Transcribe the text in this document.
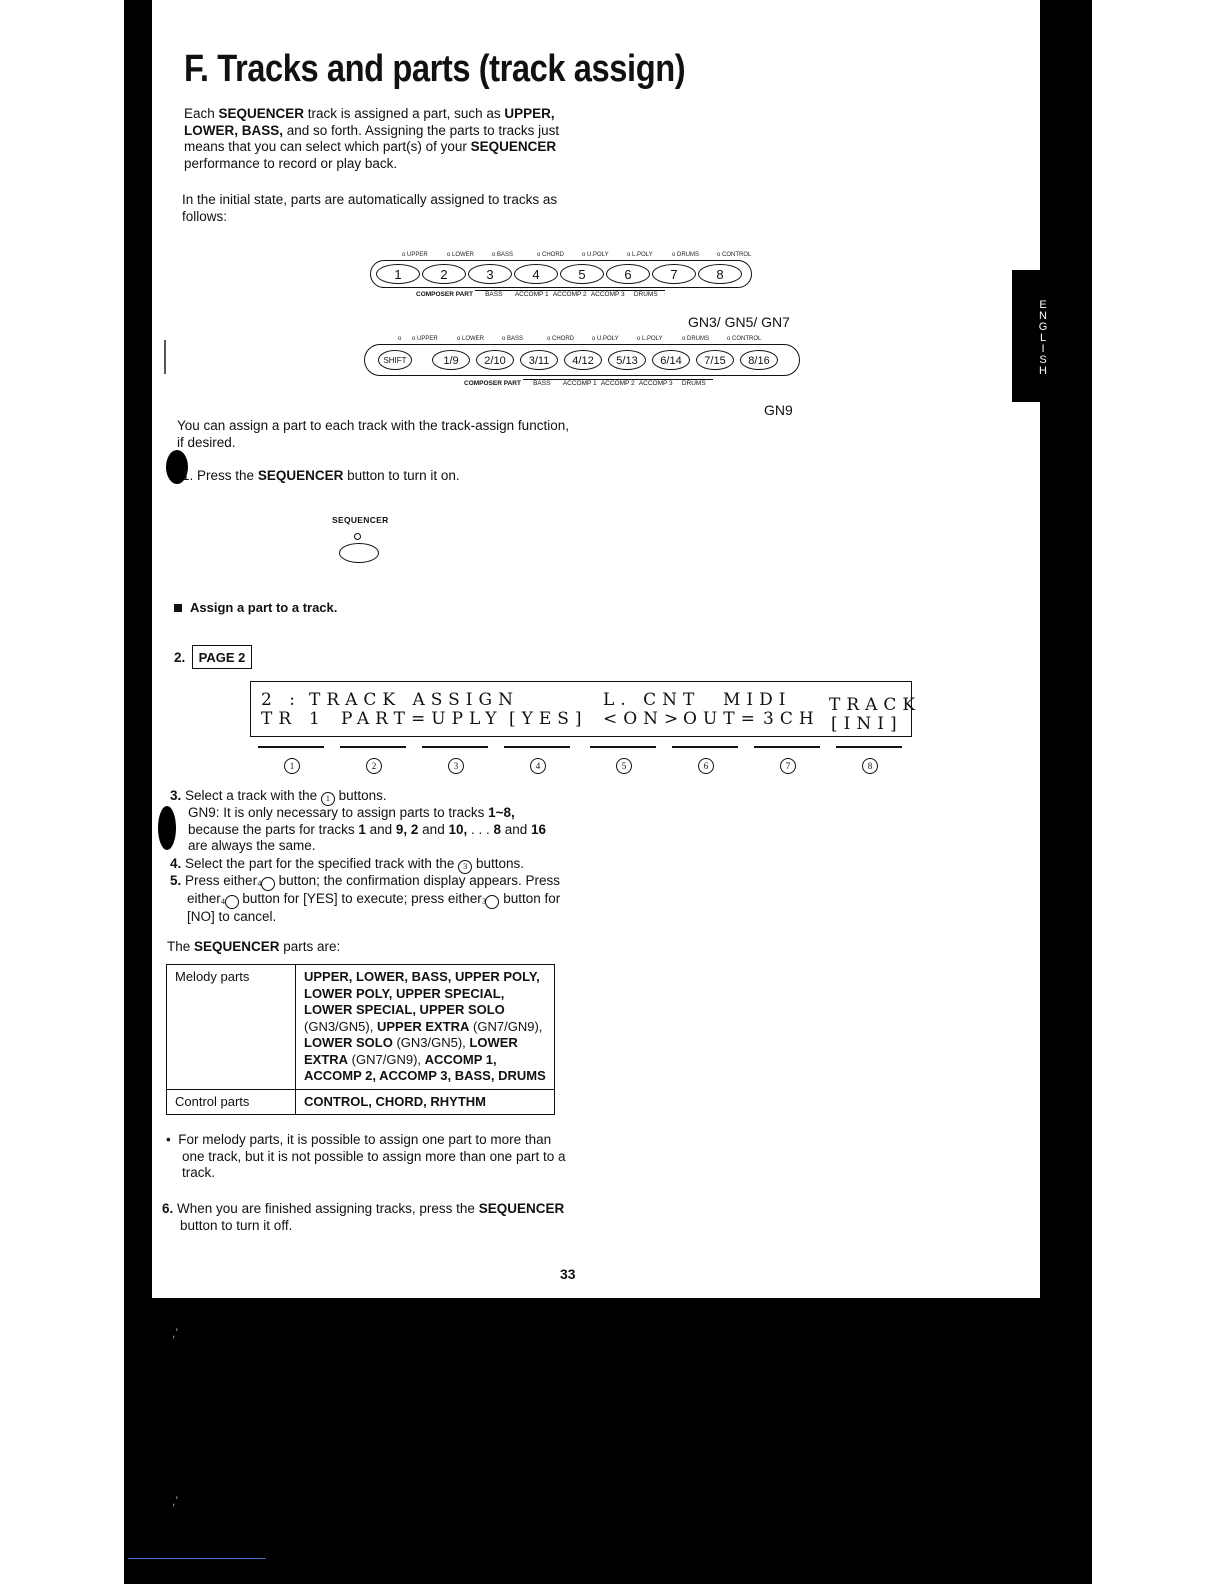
E
N
G
L
I
S
H
F. Tracks and parts (track assign)
Each SEQUENCER track is assigned a part, such as UPPER, LOWER, BASS, and so forth. Assigning the parts to tracks just means that you can select which part(s) of your SEQUENCER performance to record or play back.
In the initial state, parts are automatically assigned to tracks as follows:
o UPPER	o LOWER	o BASS	o CHORD	o U.POLY	o L.POLY	o DRUMS	o CONTROL
1	2	3	4	5	6	7	8
COMPOSER PART BASS ACCOMP 1 ACCOMP 2 ACCOMP 3 DRUMS
GN3/ GN5/ GN7
o o UPPER	o LOWER	o BASS	o CHORD	o U.POLY	o L.POLY	o DRUMS	o CONTROL
SHIFT	1/9	2/10	3/11	4/12	5/13	6/14	7/15	8/16
COMPOSER PART BASS ACCOMP 1 ACCOMP 2 ACCOMP 3 DRUMS
GN9
You can assign a part to each track with the track-assign function, if desired.
1. Press the SEQUENCER button to turn it on.
SEQUENCER
Assign a part to a track.
2.	PAGE 2
2 : TRACK ASSIGN	L. CNT MIDI TRACK
TR 1 PART=UPLY [YES] <ON>
OUT= 3CH [INI]
1	2	3	4	5	6	7	8
3. Select a track with the 1 buttons.
GN9: It is only necessary to assign parts to tracks 1~8, because the parts for tracks 1 and 9, 2 and 10, . . . 8 and 16 are always the same.
4. Select the part for the specified track with the 3 buttons.
5. Press either 4 button; the confirmation display appears. Press either 4 button for [YES] to execute; press either 3 button for [NO] to cancel.
The SEQUENCER parts are:
Melody parts	UPPER, LOWER, BASS, UPPER POLY, LOWER POLY, UPPER SPECIAL, LOWER SPECIAL, UPPER SOLO (GN3/GN5), UPPER EXTRA (GN7/GN9), LOWER SOLO (GN3/GN5), LOWER EXTRA (GN7/GN9), ACCOMP 1, ACCOMP 2, ACCOMP 3, BASS, DRUMS
Control parts	CONTROL, CHORD, RHYTHM
•  For melody parts, it is possible to assign one part to more than one track, but it is not possible to assign more than one part to a track.
6. When you are finished assigning tracks, press the SEQUENCER button to turn it off.
33
,’
,’
